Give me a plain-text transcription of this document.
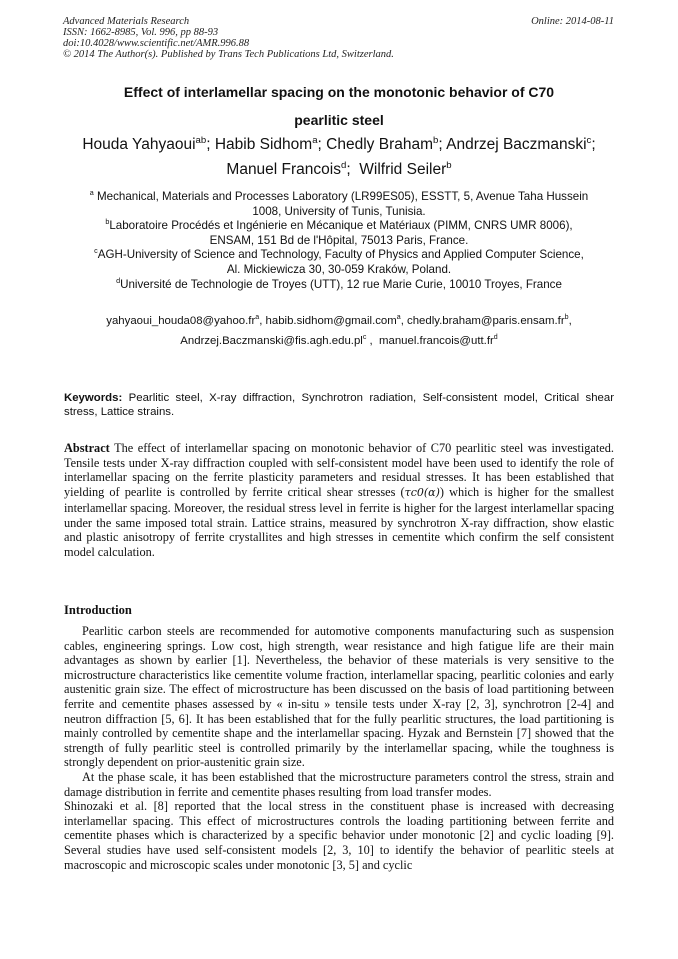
Advanced Materials Research
ISSN: 1662-8985, Vol. 996, pp 88-93
doi:10.4028/www.scientific.net/AMR.996.88
© 2014 The Author(s). Published by Trans Tech Publications Ltd, Switzerland.
Online: 2014-08-11
Effect of interlamellar spacing on the monotonic behavior of C70
pearlitic steel
Houda Yahyaoui$^{ab}$; Habib Sidhom$^a$; Chedly Braham$^b$; Andrzej Baczmanski$^c$;
Manuel Francois$^d$;  Wilfrid Seiler$^b$
$^a$ Mechanical, Materials and Processes Laboratory (LR99ES05), ESSTT, 5, Avenue Taha Hussein
1008, University of Tunis, Tunisia.
$^b$Laboratoire Procédés et Ingénierie en Mécanique et Matériaux (PIMM, CNRS UMR 8006),
ENSAM, 151 Bd de l'Hôpital, 75013 Paris, France.
$^c$AGH-University of Science and Technology, Faculty of Physics and Applied Computer Science,
Al. Mickiewicza 30, 30-059 Kraków, Poland.
$^d$Université de Technologie de Troyes (UTT), 12 rue Marie Curie, 10010 Troyes, France
$yahyaoui\_houda08@yahoo.fr^a$, habib.sidhom@gmail.com$^a$, $chedly.braham@paris.ensam.fr^b$,
$Andrzej.Baczmanski@fis.agh.edu.pl^c$ ,  $manuel.francois@utt.fr^d$
Keywords: Pearlitic steel, X-ray diffraction, Synchrotron radiation, Self-consistent model, Critical shear stress, Lattice strains.
Abstract The effect of interlamellar spacing on monotonic behavior of C70 pearlitic steel was investigated. Tensile tests under X-ray diffraction coupled with self-consistent model have been used to identify the role of interlamellar spacing on the ferrite plasticity parameters and residual stresses. It has been established that yielding of pearlite is controlled by ferrite critical shear stresses (τc0(α)) which is higher for the smallest interlamellar spacing. Moreover, the residual stress level in ferrite is higher for the largest interlamellar spacing under the same imposed total strain. Lattice strains, measured by synchrotron X-ray diffraction, show elastic and plastic anisotropy of ferrite crystallites and high stresses in cementite which confirm the self consistent model calculation.
Introduction

Pearlitic carbon steels are recommended for automotive components manufacturing such as suspension cables, engineering springs. Low cost, high strength, wear resistance and high fatigue life are their main advantages as shown by earlier [1]. Nevertheless, the behavior of these materials is very sensitive to the microstructure characteristics like cementite volume fraction, interlamellar spacing, pearlitic colonies and early austenitic grain size. The effect of microstructure has been discussed on the basis of load partitioning between ferrite and cementite phases assessed by « in-situ » tensile tests under X-ray [2, 3], synchrotron [2-4] and neutron diffraction [5, 6]. It has been established that for the fully pearlitic structures, the load partitioning is mainly controlled by cementite shape and the interlamellar spacing. Hyzak and Bernstein [7] showed that the strength of fully pearlitic steel is controlled primarily by the interlamellar spacing, while the toughness is strongly dependent on prior-austenitic grain size.

At the phase scale, it has been established that the microstructure parameters control the stress, strain and damage distribution in ferrite and cementite phases resulting from load transfer modes.

Shinozaki et al. [8] reported that the local stress in the constituent phase is increased with decreasing interlamellar spacing. This effect of microstructures controls the loading partitioning between ferrite and cementite phases which is characterized by a specific behavior under monotonic [2] and cyclic loading [9]. Several studies have used self-consistent models [2, 3, 10] to identify the behavior of pearlitic steels at macroscopic and microscopic scales under monotonic [3, 5] and cyclic
